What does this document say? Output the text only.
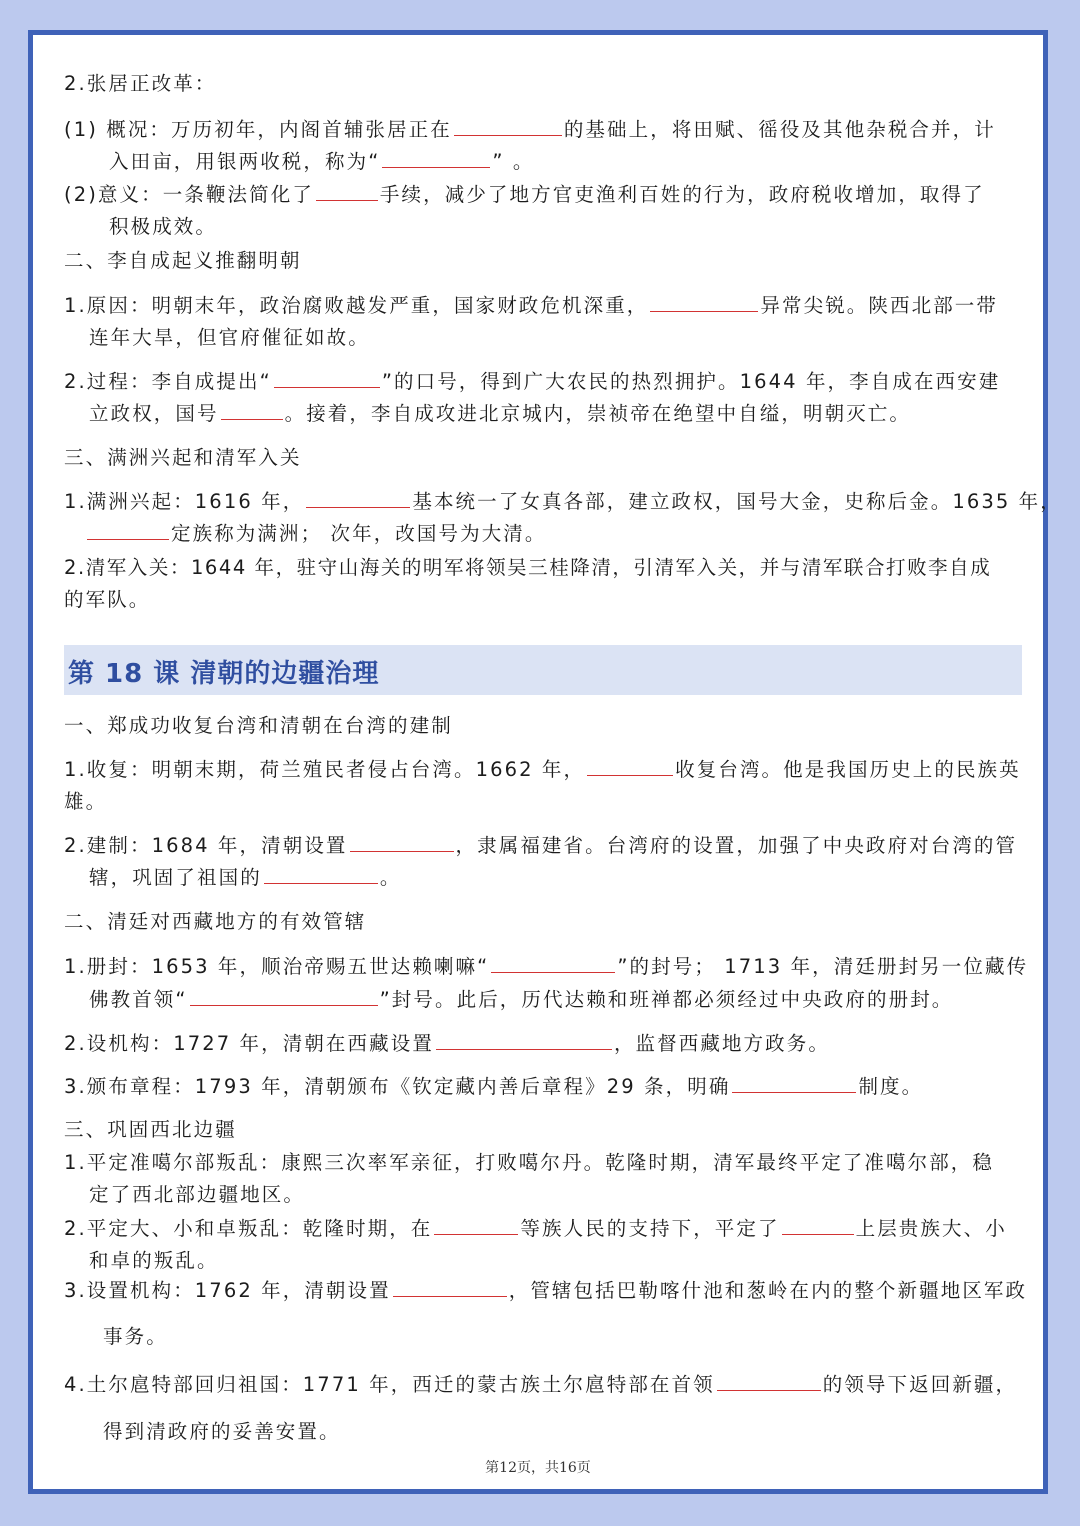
2.张居正改革：
(1) 概况：万历初年，内阁首辅张居正在	的基础上，将田赋、徭役及其他杂税合并，计
入田亩，用银两收税，称为“	” 。
(2)意义：一条鞭法简化了	手续，减少了地方官吏渔利百姓的行为，政府税收增加，取得了
积极成效。
二、李自成起义推翻明朝
1.原因：明朝末年，政治腐败越发严重，国家财政危机深重，	异常尖锐。陕西北部一带
连年大旱，但官府催征如故。
2.过程：李自成提出“	”的口号，得到广大农民的热烈拥护。1644 年，李自成在西安建
立政权，国号	。接着，李自成攻进北京城内，崇祯帝在绝望中自缢，明朝灭亡。
三、满洲兴起和清军入关
1.满洲兴起：1616 年，	基本统一了女真各部，建立政权，国号大金，史称后金。1635 年，
定族称为满洲； 次年，改国号为大清。
2.清军入关：1644 年，驻守山海关的明军将领吴三桂降清，引清军入关，并与清军联合打败李自成
的军队。
第 18 课 清朝的边疆治理
一、郑成功收复台湾和清朝在台湾的建制
1.收复：明朝末期，荷兰殖民者侵占台湾。1662 年，	收复台湾。他是我国历史上的民族英
雄。
2.建制：1684 年，清朝设置	，隶属福建省。台湾府的设置，加强了中央政府对台湾的管
辖，巩固了祖国的	。
二、清廷对西藏地方的有效管辖
1.册封：1653 年，顺治帝赐五世达赖喇嘛“	”的封号； 1713 年，清廷册封另一位藏传
佛教首领“	”封号。此后，历代达赖和班禅都必须经过中央政府的册封。
2.设机构：1727 年，清朝在西藏设置	，监督西藏地方政务。
3.颁布章程：1793 年，清朝颁布《钦定藏内善后章程》29 条，明确	制度。
三、巩固西北边疆
1.平定准噶尔部叛乱：康熙三次率军亲征，打败噶尔丹。乾隆时期，清军最终平定了准噶尔部，稳
定了西北部边疆地区。
2.平定大、小和卓叛乱：乾隆时期，在	等族人民的支持下，平定了	上层贵族大、小
和卓的叛乱。
3.设置机构：1762 年，清朝设置	，管辖包括巴勒喀什池和葱岭在内的整个新疆地区军政
事务。
4.土尔扈特部回归祖国：1771 年，西迁的蒙古族土尔扈特部在首领	的领导下返回新疆，
得到清政府的妥善安置。
第12页，共16页
